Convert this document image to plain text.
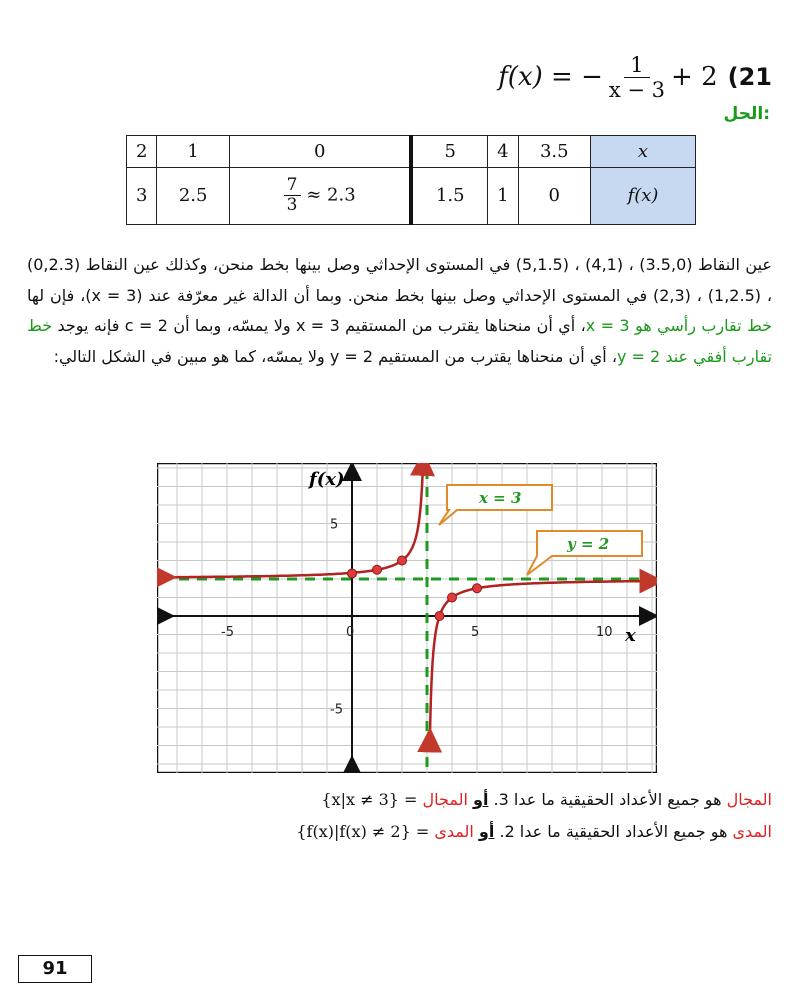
f(x) = − $\frac{1}{x - 3} + 2$ (21
الحل:
2	1	0	5	4	3.5	x
3	2.5	$\frac{7}{3} \approx 2.3$	1.5	1	0	f(x)
عين النقاط (3.5,0) ، (4,1) ، (5,1.5) في المستوى الإحداثي وصل بينها بخط منحن، وكذلك عين النقاط (0,2.3) ، (1,2.5) ، (2,3) في المستوى الإحداثي وصل بينها بخط منحن. وبما أن الدالة غير معرّفة عند (x = 3)، فإن لها خط تقارب رأسي هو x = 3، أي أن منحناها يقترب من المستقيم x = 3 ولا يمسّه، وبما أن c = 2 فإنه يوجد خط تقارب أفقي عند y = 2، أي أن منحناها يقترب من المستقيم y = 2 ولا يمسّه، كما هو مبين في الشكل التالي:
-5	0	5	10
5
-5
f(x)
x
x = 3
y = 2
المجال هو جميع الأعداد الحقيقية ما عدا 3. أو المجال {x|x ≠ 3} =
المدى هو جميع الأعداد الحقيقية ما عدا 2. أو المدى {f(x)|f(x) ≠ 2} =
91
